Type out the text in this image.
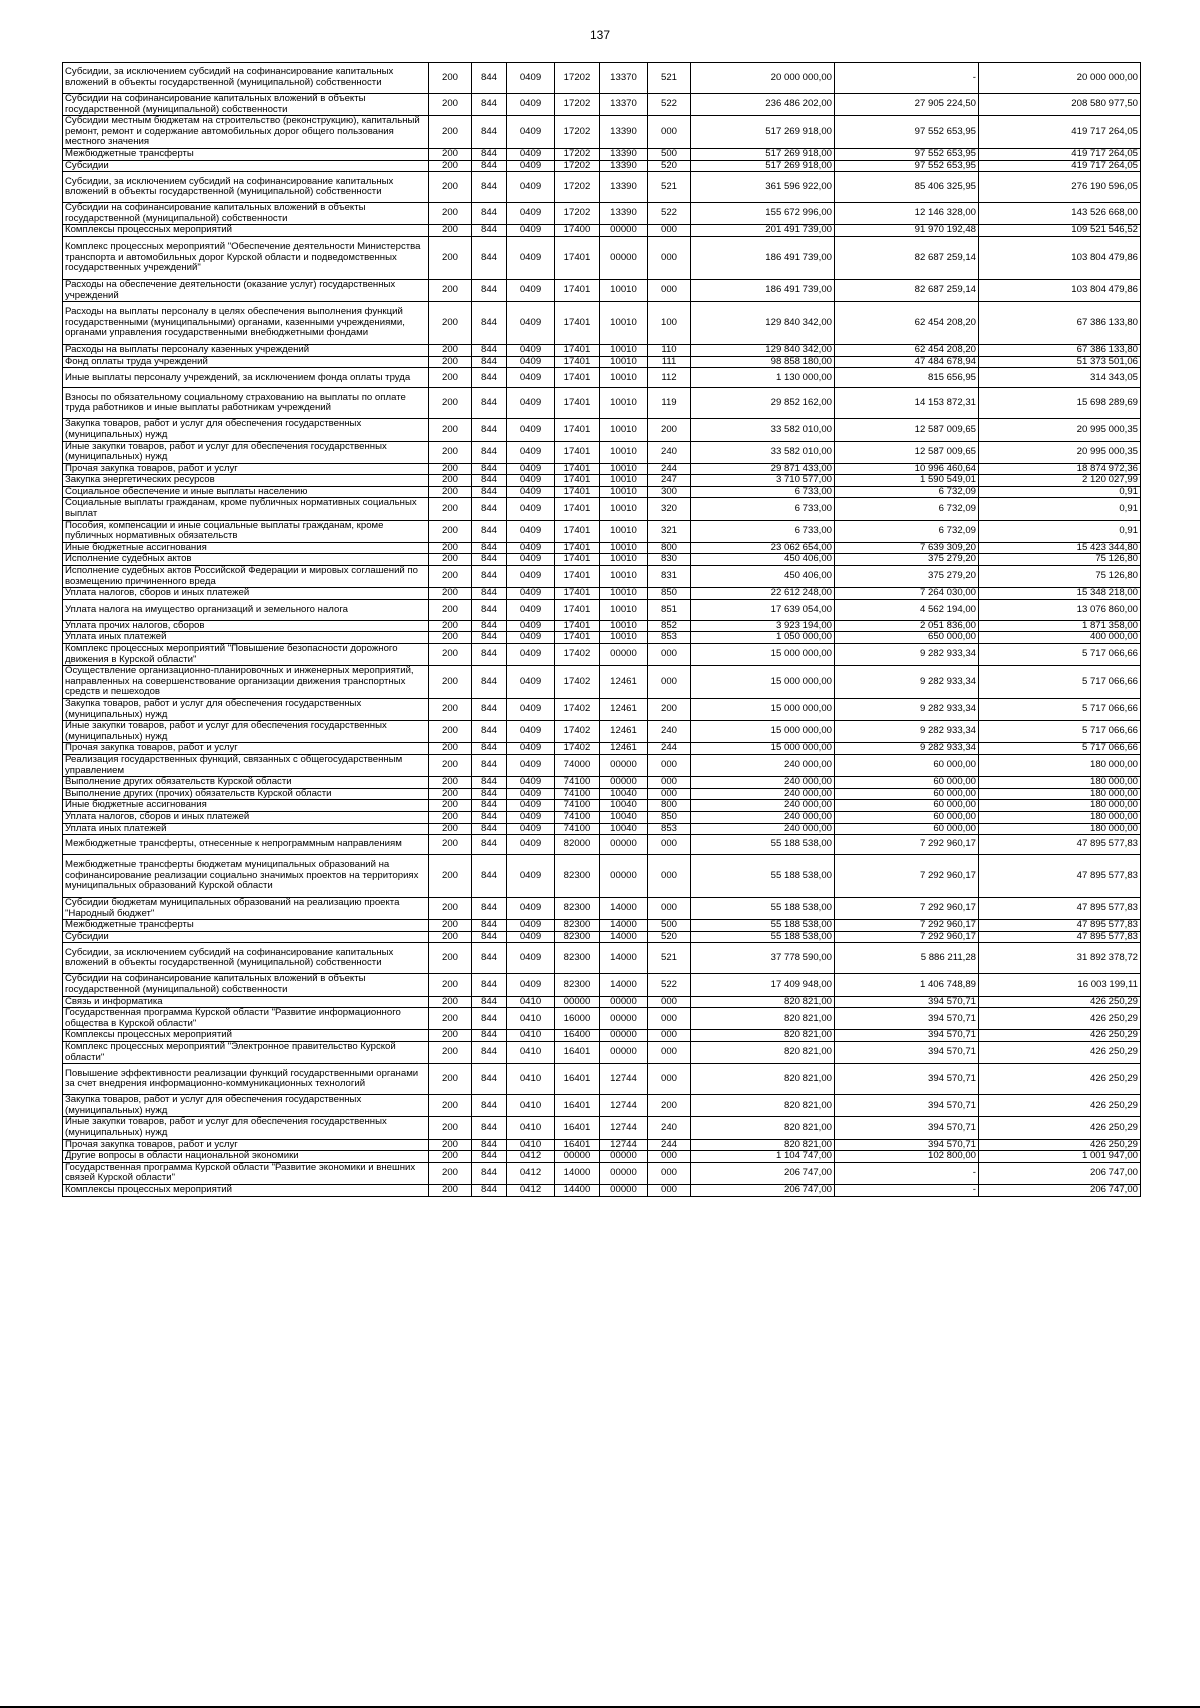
137
Субсидии, за исключением субсидий на софинансирование капитальных вложений в объекты государственной (муниципальной) собственности	200	844	0409	17202	13370	521	20 000 000,00	-	20 000 000,00
Субсидии на софинансирование капитальных вложений в объекты государственной (муниципальной) собственности	200	844	0409	17202	13370	522	236 486 202,00	27 905 224,50	208 580 977,50
Субсидии местным бюджетам на строительство (реконструкцию), капитальный ремонт, ремонт и содержание автомобильных дорог общего пользования местного значения	200	844	0409	17202	13390	000	517 269 918,00	97 552 653,95	419 717 264,05
Межбюджетные трансферты	200	844	0409	17202	13390	500	517 269 918,00	97 552 653,95	419 717 264,05
Субсидии	200	844	0409	17202	13390	520	517 269 918,00	97 552 653,95	419 717 264,05
Субсидии, за исключением субсидий на софинансирование капитальных вложений в объекты государственной (муниципальной) собственности	200	844	0409	17202	13390	521	361 596 922,00	85 406 325,95	276 190 596,05
Субсидии на софинансирование капитальных вложений в объекты государственной (муниципальной) собственности	200	844	0409	17202	13390	522	155 672 996,00	12 146 328,00	143 526 668,00
Комплексы процессных мероприятий	200	844	0409	17400	00000	000	201 491 739,00	91 970 192,48	109 521 546,52
Комплекс процессных мероприятий "Обеспечение деятельности Министерства транспорта и автомобильных дорог Курской области и подведомственных государственных учреждений"	200	844	0409	17401	00000	000	186 491 739,00	82 687 259,14	103 804 479,86
Расходы на обеспечение деятельности (оказание услуг) государственных учреждений	200	844	0409	17401	10010	000	186 491 739,00	82 687 259,14	103 804 479,86
Расходы на выплаты персоналу в целях обеспечения выполнения функций государственными (муниципальными) органами, казенными учреждениями, органами управления государственными внебюджетными фондами	200	844	0409	17401	10010	100	129 840 342,00	62 454 208,20	67 386 133,80
Расходы на выплаты персоналу казенных учреждений	200	844	0409	17401	10010	110	129 840 342,00	62 454 208,20	67 386 133,80
Фонд оплаты труда учреждений	200	844	0409	17401	10010	111	98 858 180,00	47 484 678,94	51 373 501,06
Иные выплаты персоналу учреждений, за исключением фонда оплаты труда	200	844	0409	17401	10010	112	1 130 000,00	815 656,95	314 343,05
Взносы по обязательному социальному страхованию на выплаты по оплате труда работников и иные выплаты работникам учреждений	200	844	0409	17401	10010	119	29 852 162,00	14 153 872,31	15 698 289,69
Закупка товаров, работ и услуг для обеспечения государственных (муниципальных) нужд	200	844	0409	17401	10010	200	33 582 010,00	12 587 009,65	20 995 000,35
Иные закупки товаров, работ и услуг для обеспечения государственных (муниципальных) нужд	200	844	0409	17401	10010	240	33 582 010,00	12 587 009,65	20 995 000,35
Прочая закупка товаров, работ и услуг	200	844	0409	17401	10010	244	29 871 433,00	10 996 460,64	18 874 972,36
Закупка энергетических ресурсов	200	844	0409	17401	10010	247	3 710 577,00	1 590 549,01	2 120 027,99
Социальное обеспечение и иные выплаты населению	200	844	0409	17401	10010	300	6 733,00	6 732,09	0,91
Социальные выплаты гражданам, кроме публичных нормативных социальных выплат	200	844	0409	17401	10010	320	6 733,00	6 732,09	0,91
Пособия, компенсации и иные социальные выплаты гражданам, кроме публичных нормативных обязательств	200	844	0409	17401	10010	321	6 733,00	6 732,09	0,91
Иные бюджетные ассигнования	200	844	0409	17401	10010	800	23 062 654,00	7 639 309,20	15 423 344,80
Исполнение судебных актов	200	844	0409	17401	10010	830	450 406,00	375 279,20	75 126,80
Исполнение судебных актов Российской Федерации и мировых соглашений по возмещению причиненного вреда	200	844	0409	17401	10010	831	450 406,00	375 279,20	75 126,80
Уплата налогов, сборов и иных платежей	200	844	0409	17401	10010	850	22 612 248,00	7 264 030,00	15 348 218,00
Уплата налога на имущество организаций и земельного налога	200	844	0409	17401	10010	851	17 639 054,00	4 562 194,00	13 076 860,00
Уплата прочих налогов, сборов	200	844	0409	17401	10010	852	3 923 194,00	2 051 836,00	1 871 358,00
Уплата иных платежей	200	844	0409	17401	10010	853	1 050 000,00	650 000,00	400 000,00
Комплекс процессных мероприятий "Повышение безопасности дорожного движения в Курской области"	200	844	0409	17402	00000	000	15 000 000,00	9 282 933,34	5 717 066,66
Осуществление организационно-планировочных и инженерных мероприятий, направленных на совершенствование организации движения транспортных средств и пешеходов	200	844	0409	17402	12461	000	15 000 000,00	9 282 933,34	5 717 066,66
Закупка товаров, работ и услуг для обеспечения государственных (муниципальных) нужд	200	844	0409	17402	12461	200	15 000 000,00	9 282 933,34	5 717 066,66
Иные закупки товаров, работ и услуг для обеспечения государственных (муниципальных) нужд	200	844	0409	17402	12461	240	15 000 000,00	9 282 933,34	5 717 066,66
Прочая закупка товаров, работ и услуг	200	844	0409	17402	12461	244	15 000 000,00	9 282 933,34	5 717 066,66
Реализация государственных функций, связанных с общегосударственным управлением	200	844	0409	74000	00000	000	240 000,00	60 000,00	180 000,00
Выполнение других обязательств Курской области	200	844	0409	74100	00000	000	240 000,00	60 000,00	180 000,00
Выполнение других (прочих) обязательств Курской области	200	844	0409	74100	10040	000	240 000,00	60 000,00	180 000,00
Иные бюджетные ассигнования	200	844	0409	74100	10040	800	240 000,00	60 000,00	180 000,00
Уплата налогов, сборов и иных платежей	200	844	0409	74100	10040	850	240 000,00	60 000,00	180 000,00
Уплата иных платежей	200	844	0409	74100	10040	853	240 000,00	60 000,00	180 000,00
Межбюджетные трансферты, отнесенные к непрограммным направлениям	200	844	0409	82000	00000	000	55 188 538,00	7 292 960,17	47 895 577,83
Межбюджетные трансферты бюджетам муниципальных образований на софинансирование реализации социально значимых проектов на территориях муниципальных образований Курской области	200	844	0409	82300	00000	000	55 188 538,00	7 292 960,17	47 895 577,83
Субсидии бюджетам муниципальных образований на реализацию проекта "Народный бюджет"	200	844	0409	82300	14000	000	55 188 538,00	7 292 960,17	47 895 577,83
Межбюджетные трансферты	200	844	0409	82300	14000	500	55 188 538,00	7 292 960,17	47 895 577,83
Субсидии	200	844	0409	82300	14000	520	55 188 538,00	7 292 960,17	47 895 577,83
Субсидии, за исключением субсидий на софинансирование капитальных вложений в объекты государственной (муниципальной) собственности	200	844	0409	82300	14000	521	37 778 590,00	5 886 211,28	31 892 378,72
Субсидии на софинансирование капитальных вложений в объекты государственной (муниципальной) собственности	200	844	0409	82300	14000	522	17 409 948,00	1 406 748,89	16 003 199,11
Связь и информатика	200	844	0410	00000	00000	000	820 821,00	394 570,71	426 250,29
Государственная программа Курской области "Развитие информационного общества в Курской области"	200	844	0410	16000	00000	000	820 821,00	394 570,71	426 250,29
Комплексы процессных мероприятий	200	844	0410	16400	00000	000	820 821,00	394 570,71	426 250,29
Комплекс процессных мероприятий "Электронное правительство Курской области"	200	844	0410	16401	00000	000	820 821,00	394 570,71	426 250,29
Повышение эффективности реализации функций государственными органами за счет внедрения информационно-коммуникационных технологий	200	844	0410	16401	12744	000	820 821,00	394 570,71	426 250,29
Закупка товаров, работ и услуг для обеспечения государственных (муниципальных) нужд	200	844	0410	16401	12744	200	820 821,00	394 570,71	426 250,29
Иные закупки товаров, работ и услуг для обеспечения государственных (муниципальных) нужд	200	844	0410	16401	12744	240	820 821,00	394 570,71	426 250,29
Прочая закупка товаров, работ и услуг	200	844	0410	16401	12744	244	820 821,00	394 570,71	426 250,29
Другие вопросы в области национальной экономики	200	844	0412	00000	00000	000	1 104 747,00	102 800,00	1 001 947,00
Государственная программа Курской области "Развитие экономики и внешних связей Курской области"	200	844	0412	14000	00000	000	206 747,00	-	206 747,00
Комплексы процессных мероприятий	200	844	0412	14400	00000	000	206 747,00	-	206 747,00
